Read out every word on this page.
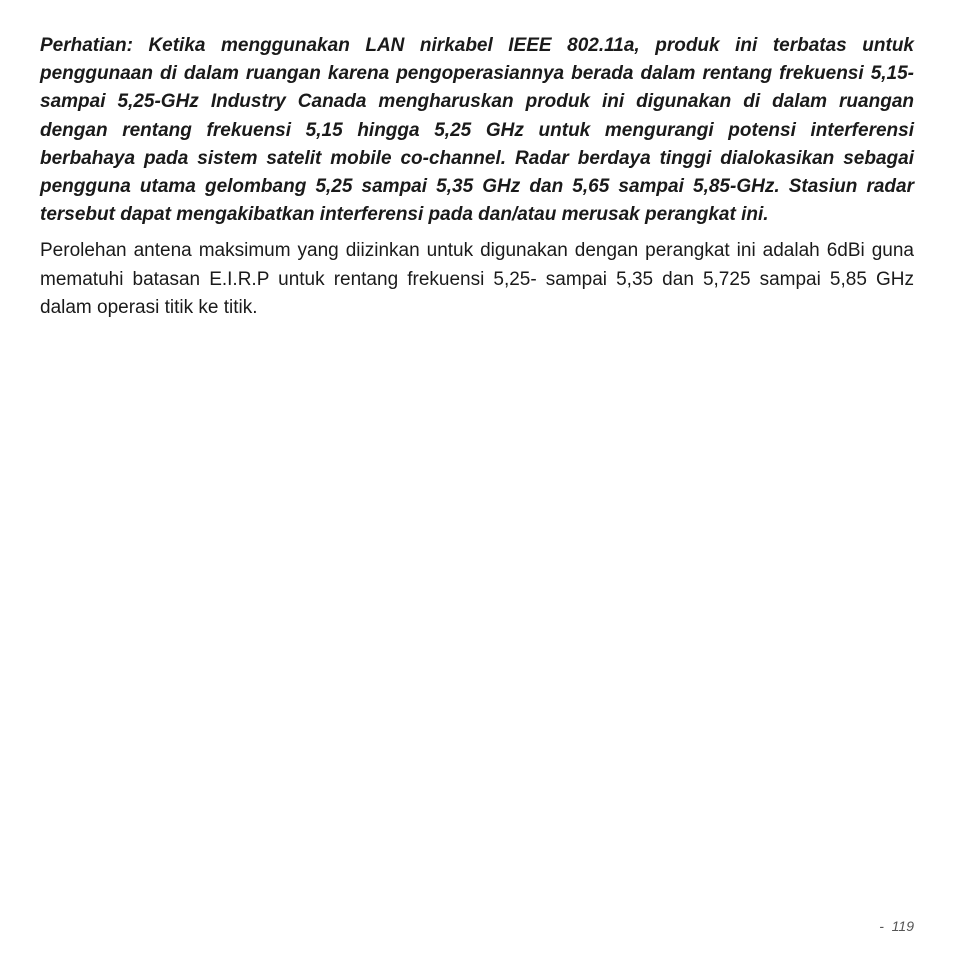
Perhatian: Ketika menggunakan LAN nirkabel IEEE 802.11a, produk ini terbatas untuk penggunaan di dalam ruangan karena pengoperasiannya berada dalam rentang frekuensi 5,15- sampai 5,25-GHz Industry Canada mengharuskan produk ini digunakan di dalam ruangan dengan rentang frekuensi 5,15 hingga 5,25 GHz untuk mengurangi potensi interferensi berbahaya pada sistem satelit mobile co-channel. Radar berdaya tinggi dialokasikan sebagai pengguna utama gelombang 5,25 sampai 5,35 GHz dan 5,65 sampai 5,85-GHz. Stasiun radar tersebut dapat mengakibatkan interferensi pada dan/atau merusak perangkat ini.

Perolehan antena maksimum yang diizinkan untuk digunakan dengan perangkat ini adalah 6dBi guna mematuhi batasan E.I.R.P untuk rentang frekuensi 5,25- sampai 5,35 dan 5,725 sampai 5,85 GHz dalam operasi titik ke titik.

-  119
